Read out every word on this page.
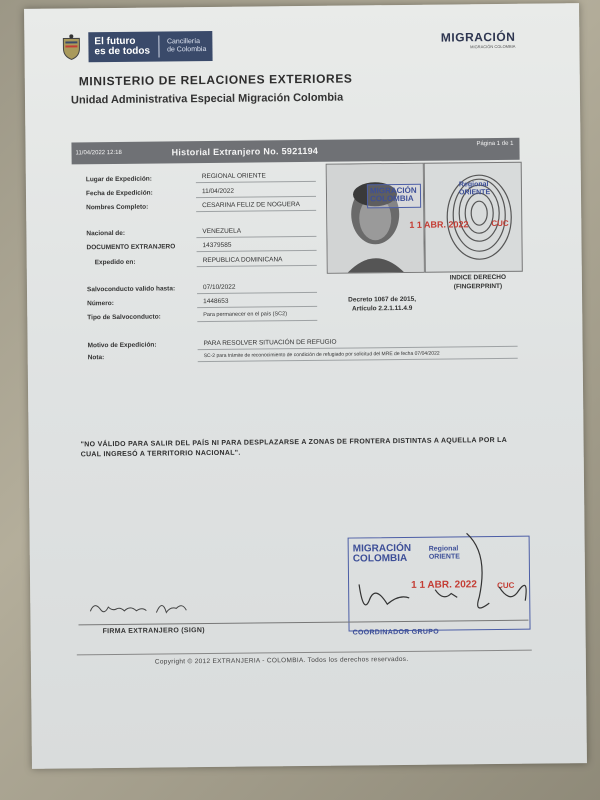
El futuro
es de todos
Cancillería
de Colombia
MIGRACIÓN
MIGRACIÓN COLOMBIA
MINISTERIO DE RELACIONES EXTERIORES
Unidad Administrativa Especial Migración Colombia
11/04/2022 12:18	Historial Extranjero No. 5921194
Página 1 de 1
Lugar de Expedición:	REGIONAL ORIENTE
Fecha de Expedición:	11/04/2022
Nombres Completo:	CESARINA FELIZ DE NOGUERA
Nacional de:	VENEZUELA
DOCUMENTO EXTRANJERO	14379585
Expedido en:	REPUBLICA DOMINICANA
Salvoconducto valido hasta:	07/10/2022
Número:	1448653
Tipo de Salvoconducto:	Para permanecer en el país (SC2)
Motivo de Expedición:	PARA RESOLVER SITUACIÓN DE REFUGIO
Nota:	SC-2 para trámite de reconocimiento de condición de refugiado por solicitud del MRE de fecha 07/04/2022
MIGRACIÓN
COLOMBIA
Regional
ORIENTE
1 1 ABR. 2022	CUC
Decreto 1067 de 2015,
Artículo 2.2.1.11.4.9
INDICE DERECHO
(FINGERPRINT)
"NO VÁLIDO PARA SALIR DEL PAÍS NI PARA DESPLAZARSE A ZONAS DE FRONTERA DISTINTAS A AQUELLA POR LA CUAL INGRESÓ A TERRITORIO NACIONAL".
MIGRACIÓN
COLOMBIA
Regional
ORIENTE
1 1 ABR. 2022	CUC
FIRMA EXTRANJERO (SIGN)	COORDINADOR GRUPO
Copyright © 2012 EXTRANJERIA - COLOMBIA. Todos los derechos reservados.
